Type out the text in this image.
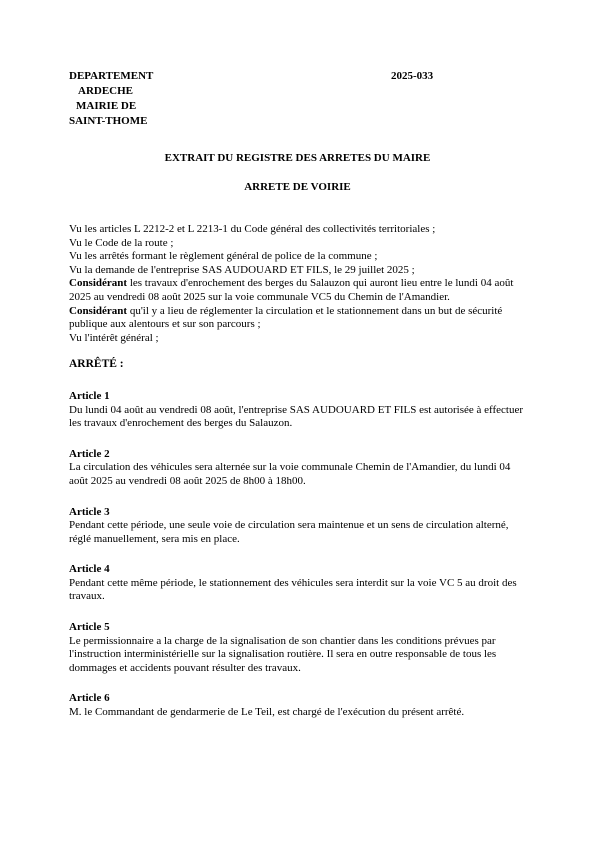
DEPARTEMENT
ARDECHE
MAIRIE DE
SAINT-THOME
2025-033
EXTRAIT DU REGISTRE DES ARRETES DU MAIRE
ARRETE DE VOIRIE

Vu les articles L 2212-2 et L 2213-1 du Code général des collectivités territoriales ;

Vu le Code de la route ;

Vu les arrêtés formant le règlement général de police de la commune ;

Vu la demande de l'entreprise SAS AUDOUARD ET FILS, le 29 juillet 2025 ;

Considérant les travaux d'enrochement des berges du Salauzon qui auront lieu entre le lundi 04 août 2025 au vendredi 08 août 2025 sur la voie communale VC5 du Chemin de l'Amandier.

Considérant qu'il y a lieu de réglementer la circulation et le stationnement dans un but de sécurité publique aux alentours et sur son parcours ;

Vu l'intérêt général ;

ARRÊTÉ :

Article 1

Du lundi 04 août au vendredi 08 août, l'entreprise SAS AUDOUARD ET FILS est autorisée à effectuer les travaux d'enrochement des berges du Salauzon.

Article 2

La circulation des véhicules sera alternée sur la voie communale Chemin de l'Amandier, du lundi 04 août 2025 au vendredi 08 août 2025 de 8h00 à 18h00.

Article 3

Pendant cette période, une seule voie de circulation sera maintenue et un sens de circulation alterné, réglé manuellement, sera mis en place.

Article 4

Pendant cette même période, le stationnement des véhicules sera interdit sur la voie VC 5 au droit des travaux.

Article 5

Le permissionnaire a la charge de la signalisation de son chantier dans les conditions prévues par l'instruction interministérielle sur la signalisation routière. Il sera en outre responsable de tous les dommages et accidents pouvant résulter des travaux.

Article 6

M. le Commandant de gendarmerie de Le Teil, est chargé de l'exécution du présent arrêté.
